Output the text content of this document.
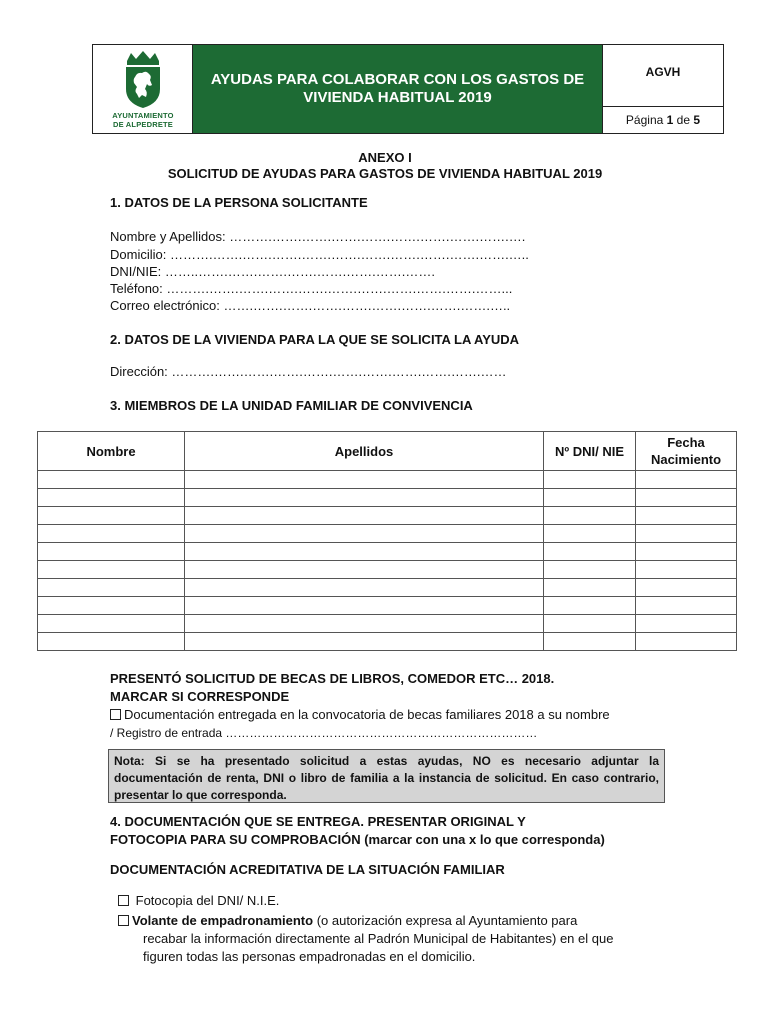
AYUNTAMIENTO
DE ALPEDRETE
AYUDAS PARA COLABORAR CON LOS GASTOS DE VIVIENDA HABITUAL 2019
AGVH
Página
1
de
5
ANEXO I
SOLICITUD DE AYUDAS PARA GASTOS DE VIVIENDA HABITUAL 2019
1. DATOS DE LA PERSONA SOLICITANTE
Nombre y Apellidos: ……….…….…….…….…….…….…….…….…….….
Domicilio: ……….…….…….…….…….…….…….…….…….…….…….…..
DNI/NIE: ……..…….…….…….…….…….…….…….…….
Teléfono: ……….…….…….…….…….…….…….…….…….…….……...
Correo electrónico: …….…….…….…….…….…….…….…….…….…..
2. DATOS DE LA VIVIENDA PARA LA QUE SE SOLICITA LA AYUDA
Dirección: ……….…….…….…….…….…….…….…….…….…….……
3. MIEMBROS DE LA UNIDAD FAMILIAR DE CONVIVENCIA
Nombre	Apellidos	Nº DNI/ NIE	Fecha Nacimiento

PRESENTÓ SOLICITUD DE BECAS DE LIBROS, COMEDOR ETC… 2018.
MARCAR SI CORRESPONDE
Documentación entregada en la convocatoria de becas familiares 2018 a su nombre
/ Registro de entrada ……………………………………………………………………
Nota: Si se ha presentado solicitud a estas ayudas, NO es necesario adjuntar la documentación de renta, DNI o libro de familia a la instancia de solicitud. En caso contrario, presentar lo que corresponda.
4. DOCUMENTACIÓN QUE SE ENTREGA. PRESENTAR ORIGINAL Y
FOTOCOPIA PARA SU COMPROBACIÓN (marcar con una x lo que corresponda)
DOCUMENTACIÓN ACREDITATIVA DE LA SITUACIÓN FAMILIAR
Fotocopia del DNI/ N.I.E.
Volante de empadronamiento (o autorización expresa al Ayuntamiento para
recabar la información directamente al Padrón Municipal de Habitantes) en el que
figuren todas las personas empadronadas en el domicilio.
